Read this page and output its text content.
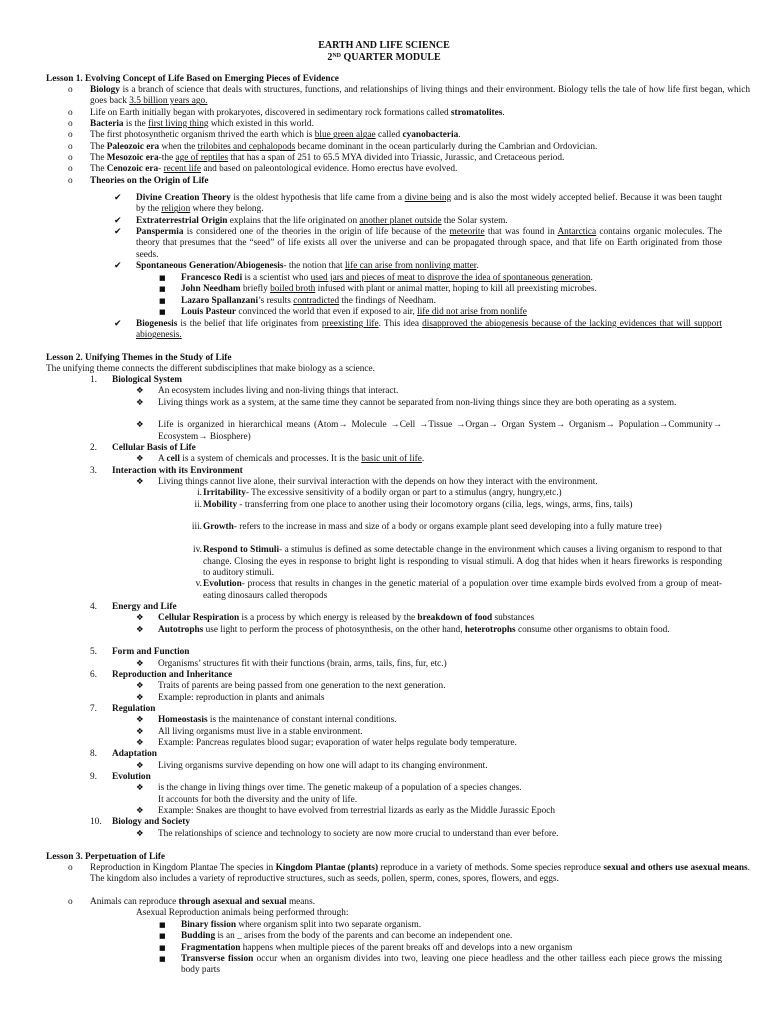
EARTH AND LIFE SCIENCE
2ND QUARTER MODULE
Lesson 1. Evolving Concept of Life Based on Emerging Pieces of Evidence
o Biology is a branch of science that deals with structures, functions, and relationships of living things and their environment. Biology tells the tale of how life first began, which goes back 3.5 billion years ago.
o Life on Earth initially began with prokaryotes, discovered in sedimentary rock formations called stromatolites.
o Bacteria is the first living thing which existed in this world.
o The first photosynthetic organism thrived the earth which is blue green algae called cyanobacteria.
o The Paleozoic era when the trilobites and cephalopods became dominant in the ocean particularly during the Cambrian and Ordovician.
o The Mesozoic era-the age of reptiles that has a span of 251 to 65.5 MYA divided into Triassic, Jurassic, and Cretaceous period.
o The Cenozoic era- recent life and based on paleontological evidence. Homo erectus have evolved.
o Theories on the Origin of Life
✔ Divine Creation Theory is the oldest hypothesis that life came from a divine being and is also the most widely accepted belief. Because it was been taught by the religion where they belong.
✔ Extraterrestrial Origin explains that the life originated on another planet outside the Solar system.
✔ Panspermia is considered one of the theories in the origin of life because of the meteorite that was found in Antarctica contains organic molecules. The theory that presumes that the “seed” of life exists all over the universe and can be propagated through space, and that life on Earth originated from those seeds.
✔ Spontaneous Generation/Abiogenesis- the notion that life can arise from nonliving matter.
■ Francesco Redi is a scientist who used jars and pieces of meat to disprove the idea of spontaneous generation.
■ John Needham briefly boiled broth infused with plant or animal matter, hoping to kill all preexisting microbes.
■ Lazaro Spallanzani’s results contradicted the findings of Needham.
■ Louis Pasteur convinced the world that even if exposed to air, life did not arise from nonlife
✔ Biogenesis is the belief that life originates from preexisting life. This idea disapproved the abiogenesis because of the lacking evidences that will support abiogenesis.
Lesson 2. Unifying Themes in the Study of Life
The unifying theme connects the different subdisciplines that make biology as a science.
1. Biological System
❖ An ecosystem includes living and non-living things that interact.
❖ Living things work as a system, at the same time they cannot be separated from non-living things since they are both operating as a system.
❖ Life is organized in hierarchical means (Atom→ Molecule →Cell →Tissue →Organ→ Organ System→ Organism→ Population→Community→ Ecosystem→ Biosphere)
2. Cellular Basis of Life
❖ A cell is a system of chemicals and processes. It is the basic unit of life.
3. Interaction with its Environment
❖ Living things cannot live alone, their survival interaction with the depends on how they interact with the environment.
i. Irritability- The excessive sensitivity of a bodily organ or part to a stimulus (angry, hungry,etc.)
ii. Mobility - transferring from one place to another using their locomotory organs (cilia, legs, wings, arms, fins, tails)
iii. Growth- refers to the increase in mass and size of a body or organs example plant seed developing into a fully mature tree)
iv. Respond to Stimuli- a stimulus is defined as some detectable change in the environment which causes a living organism to respond to that change. Closing the eyes in response to bright light is responding to visual stimuli. A dog that hides when it hears fireworks is responding to auditory stimuli.
v. Evolution- process that results in changes in the genetic material of a population over time example birds evolved from a group of meat-eating dinosaurs called theropods
4. Energy and Life
❖ Cellular Respiration is a process by which energy is released by the breakdown of food substances
❖ Autotrophs use light to perform the process of photosynthesis, on the other hand, heterotrophs consume other organisms to obtain food.
5. Form and Function
❖ Organisms’ structures fit with their functions (brain, arms, tails, fins, fur, etc.)
6. Reproduction and Inheritance
❖ Traits of parents are being passed from one generation to the next generation.
❖ Example: reproduction in plants and animals
7. Regulation
❖ Homeostasis is the maintenance of constant internal conditions.
❖ All living organisms must live in a stable environment.
❖ Example: Pancreas regulates blood sugar; evaporation of water helps regulate body temperature.
8. Adaptation
❖ Living organisms survive depending on how one will adapt to its changing environment.
9. Evolution
❖ is the change in living things over time. The genetic makeup of a population of a species changes.
It accounts for both the diversity and the unity of life.
❖ Example: Snakes are thought to have evolved from terrestrial lizards as early as the Middle Jurassic Epoch
10. Biology and Society
❖ The relationships of science and technology to society are now more crucial to understand than ever before.
Lesson 3. Perpetuation of Life
o Reproduction in Kingdom Plantae The species in Kingdom Plantae (plants) reproduce in a variety of methods. Some species reproduce sexual and others use asexual means. The kingdom also includes a variety of reproductive structures, such as seeds, pollen, sperm, cones, spores, flowers, and eggs.
o Animals can reproduce through asexual and sexual means.
Asexual Reproduction animals being performed through:
■ Binary fission where organism split into two separate organism.
■ Budding is an _ arises from the body of the parents and can become an independent one.
■ Fragmentation happens when multiple pieces of the parent breaks off and develops into a new organism
■ Transverse fission occur when an organism divides into two, leaving one piece headless and the other tailless each piece grows the missing body parts
